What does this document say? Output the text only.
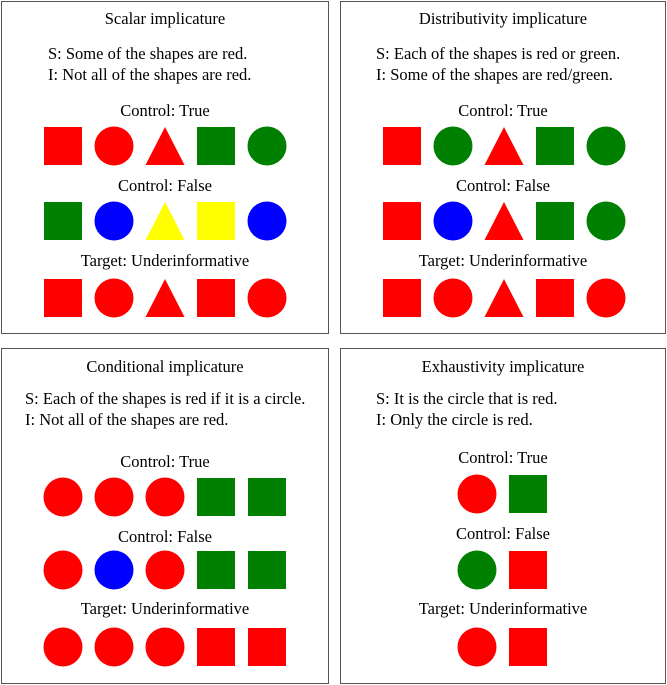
Scalar implicature
S: Some of the shapes are red.
I: Not all of the shapes are red.
Control: True
Control: False
Target: Underinformative
Distributivity implicature
S: Each of the shapes is red or green.
I: Some of the shapes are red/green.
Control: True
Control: False
Target: Underinformative
Conditional implicature
S: Each of the shapes is red if it is a circle.
I: Not all of the shapes are red.
Control: True
Control: False
Target: Underinformative
Exhaustivity implicature
S: It is the circle that is red.
I: Only the circle is red.
Control: True
Control: False
Target: Underinformative
